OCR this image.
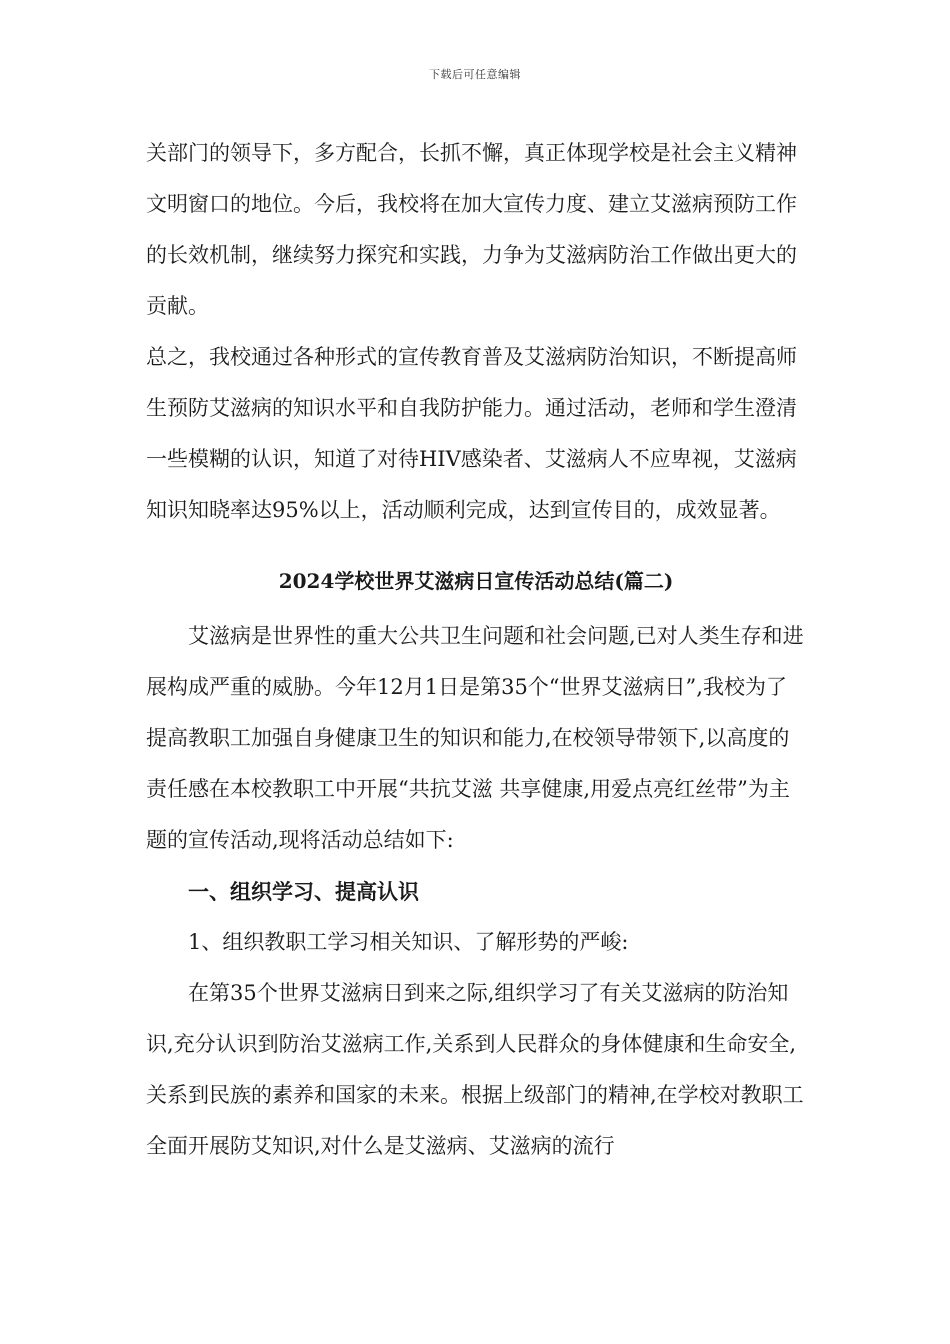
下载后可任意编辑

关部门的领导下，多方配合，长抓不懈，真正体现学校是社会主义精神文明窗口的地位。今后，我校将在加大宣传力度、建立艾滋病预防工作的长效机制，继续努力探究和实践，力争为艾滋病防治工作做出更大的贡献。

总之，我校通过各种形式的宣传教育普及艾滋病防治知识，不断提高师生预防艾滋病的知识水平和自我防护能力。通过活动，老师和学生澄清一些模糊的认识，知道了对待HIV感染者、艾滋病人不应卑视，艾滋病知识知晓率达95%以上，活动顺利完成，达到宣传目的，成效显著。

2024学校世界艾滋病日宣传活动总结(篇二)

艾滋病是世界性的重大公共卫生问题和社会问题,已对人类生存和进展构成严重的威胁。今年12月1日是第35个“世界艾滋病日”,我校为了提高教职工加强自身健康卫生的知识和能力,在校领导带领下,以高度的责任感在本校教职工中开展“共抗艾滋 共享健康,用爱点亮红丝带”为主题的宣传活动,现将活动总结如下:

一、组织学习、提高认识

1、组织教职工学习相关知识、了解形势的严峻:

在第35个世界艾滋病日到来之际,组织学习了有关艾滋病的防治知识,充分认识到防治艾滋病工作,关系到人民群众的身体健康和生命安全,关系到民族的素养和国家的未来。根据上级部门的精神,在学校对教职工全面开展防艾知识,对什么是艾滋病、艾滋病的流行
